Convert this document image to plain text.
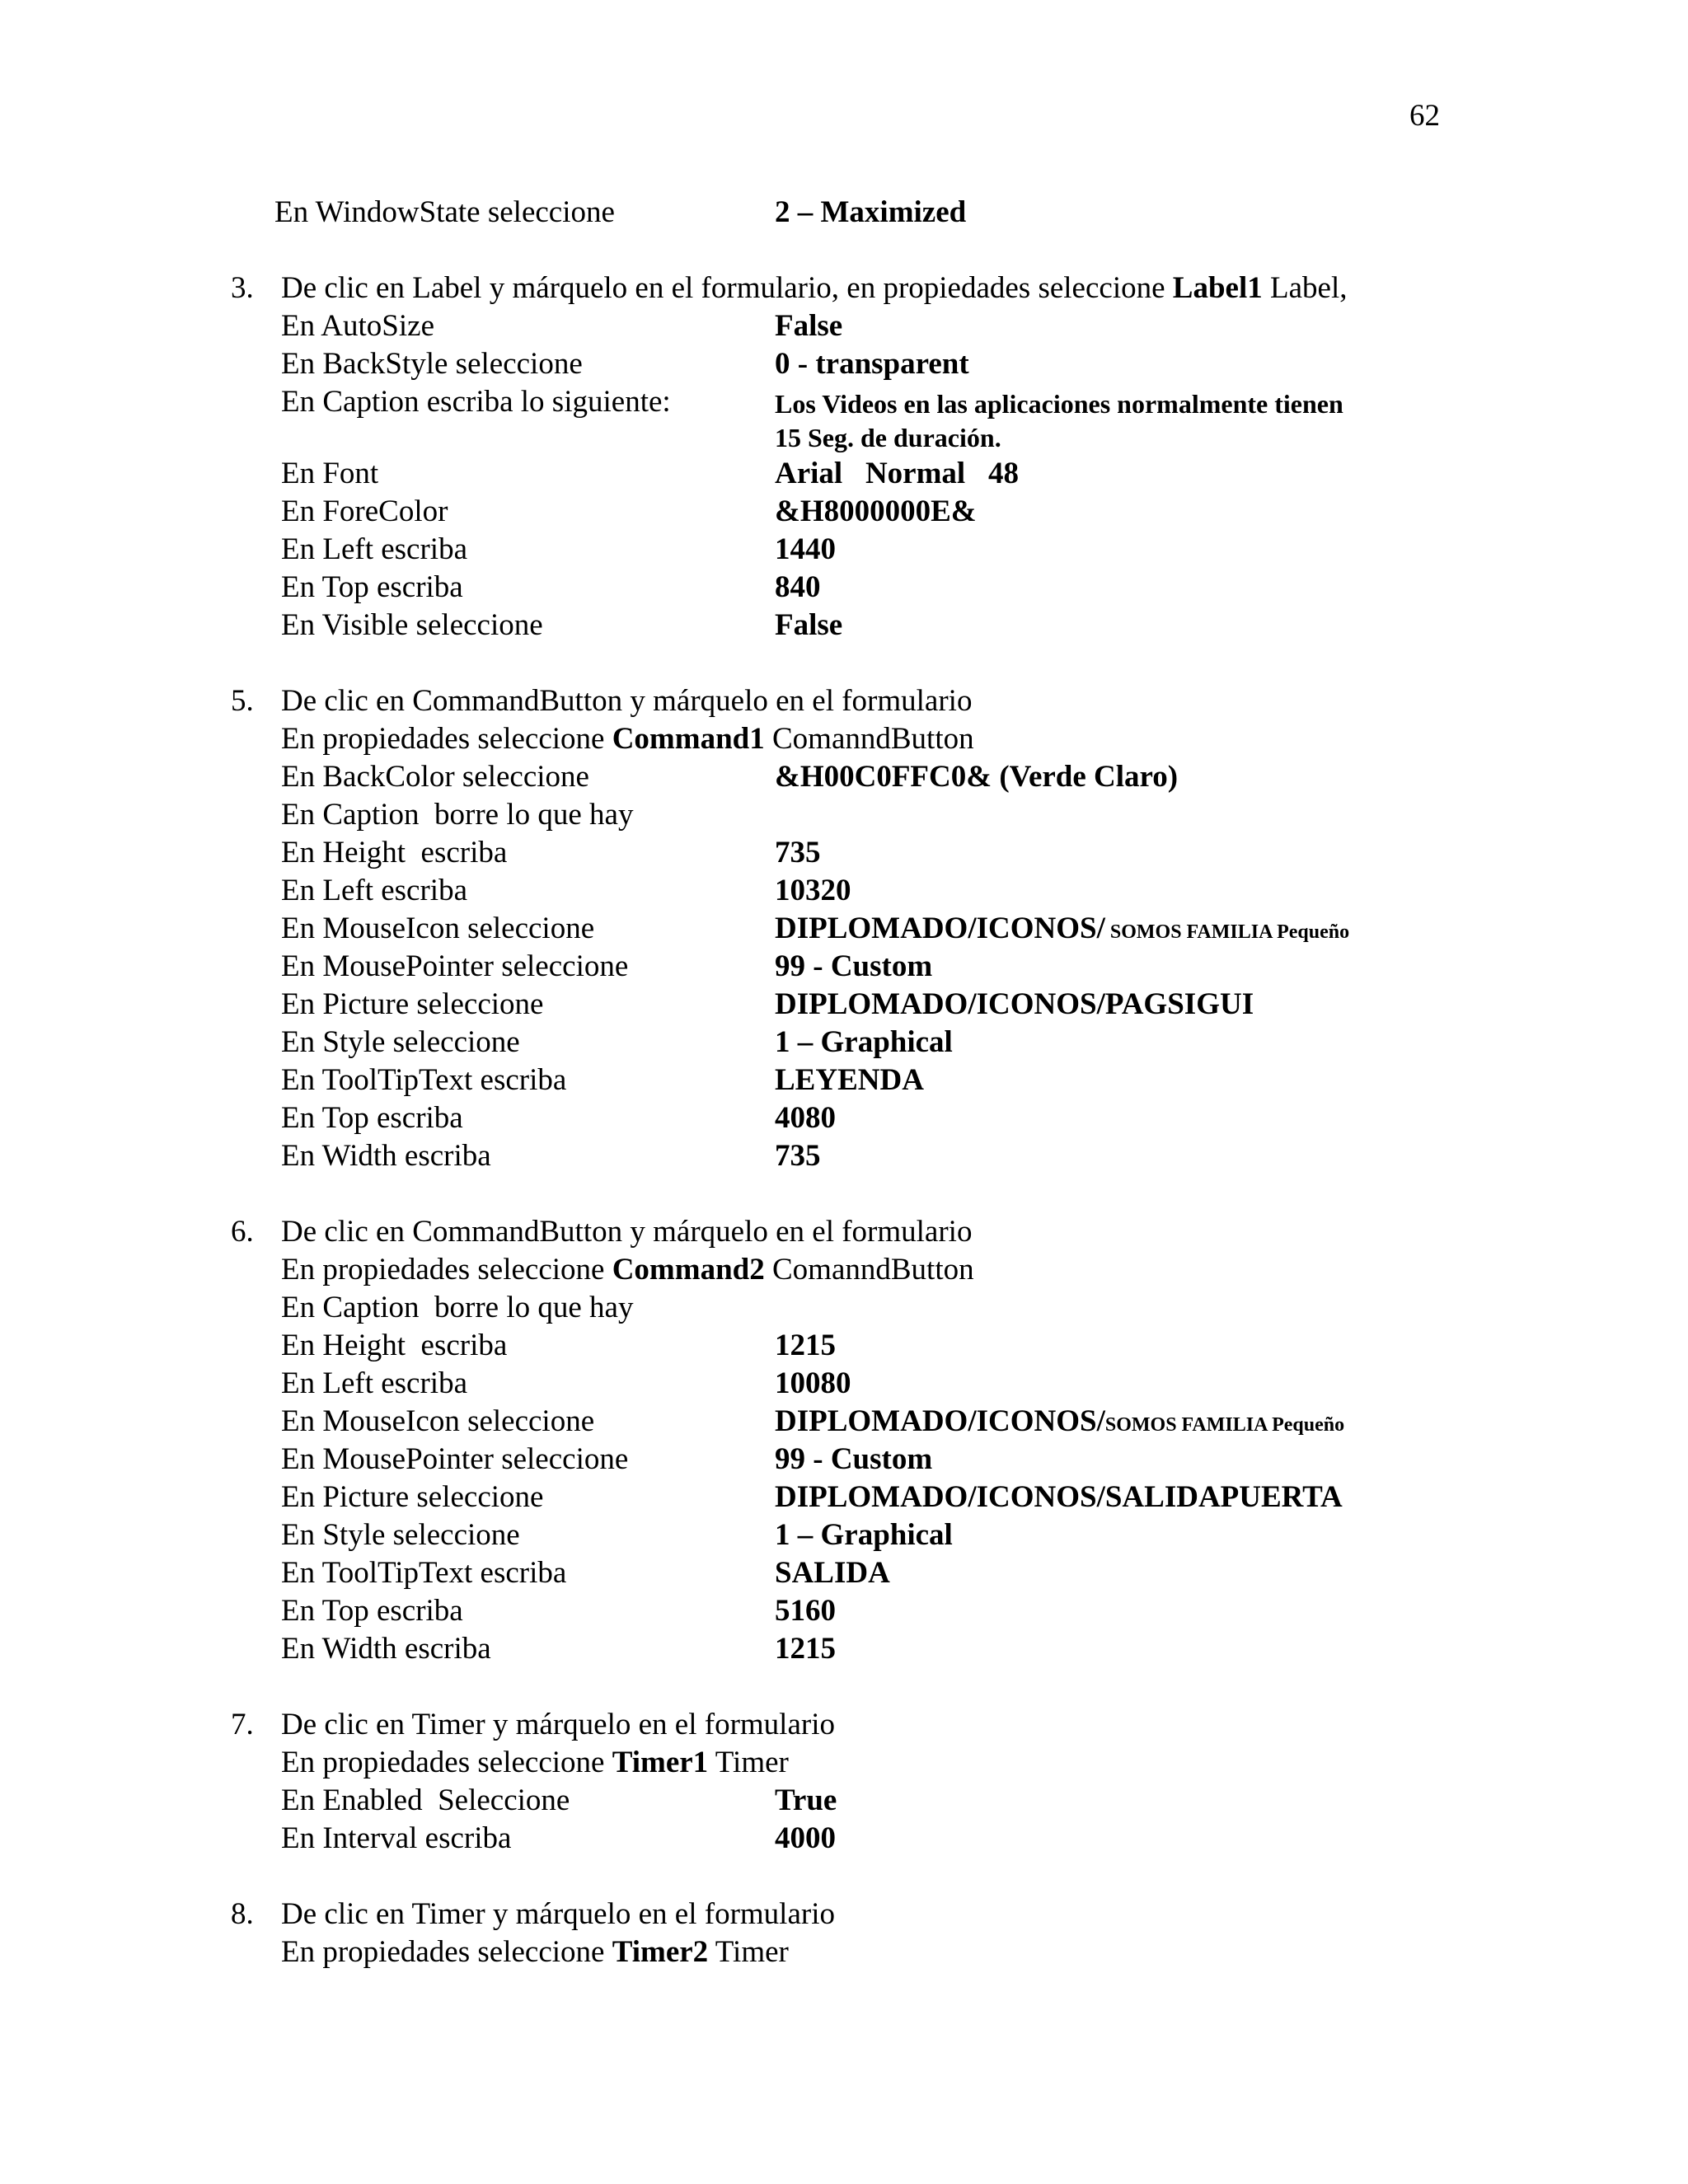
62
En WindowState seleccione	2 – Maximized
3. De clic en Label y márquelo en el formulario, en propiedades seleccione Label1 Label,
En AutoSize	False
En BackStyle seleccione	0 - transparent
En Caption escriba lo siguiente:	Los Videos en las aplicaciones normalmente tienen
15 Seg. de duración.
En Font	Arial   Normal   48
En ForeColor	&H8000000E&
En Left escriba	1440
En Top escriba	840
En Visible seleccione	False
5. De clic en CommandButton y márquelo en el formulario
En propiedades seleccione Command1 ComanndButton
En BackColor seleccione	&H00C0FFC0& (Verde Claro)
En Caption  borre lo que hay
En Height  escriba	735
En Left escriba	10320
En MouseIcon seleccione	DIPLOMADO/ICONOS/ SOMOS FAMILIA Pequeño
En MousePointer seleccione	99 - Custom
En Picture seleccione	DIPLOMADO/ICONOS/PAGSIGUI
En Style seleccione	1 – Graphical
En ToolTipText escriba	LEYENDA
En Top escriba	4080
En Width escriba	735
6. De clic en CommandButton y márquelo en el formulario
En propiedades seleccione Command2 ComanndButton
En Caption  borre lo que hay
En Height  escriba	1215
En Left escriba	10080
En MouseIcon seleccione	DIPLOMADO/ICONOS/SOMOS FAMILIA Pequeño
En MousePointer seleccione	99 - Custom
En Picture seleccione	DIPLOMADO/ICONOS/SALIDAPUERTA
En Style seleccione	1 – Graphical
En ToolTipText escriba	SALIDA
En Top escriba	5160
En Width escriba	1215
7. De clic en Timer y márquelo en el formulario
En propiedades seleccione Timer1 Timer
En Enabled  Seleccione	True
En Interval escriba	4000
8. De clic en Timer y márquelo en el formulario
En propiedades seleccione Timer2 Timer
